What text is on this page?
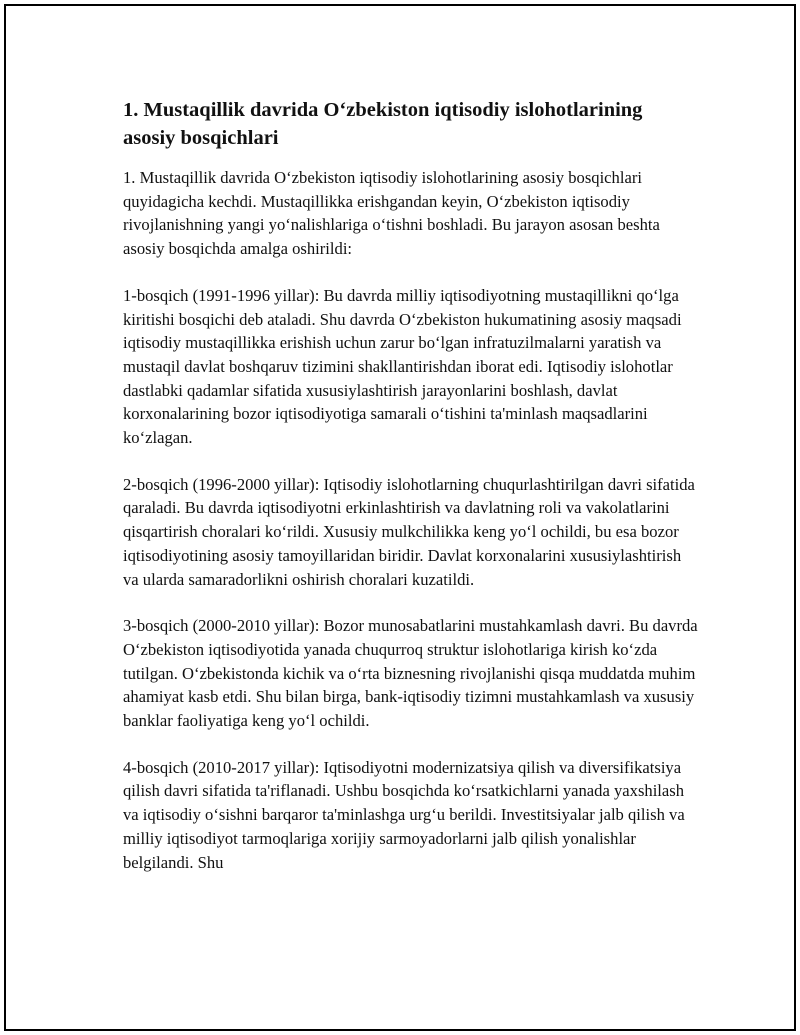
1. Mustaqillik davrida O‘zbekiston iqtisodiy islohotlarining asosiy bosqichlari

1. Mustaqillik davrida O‘zbekiston iqtisodiy islohotlarining asosiy bosqichlari quyidagicha kechdi. Mustaqillikka erishgandan keyin, O‘zbekiston iqtisodiy rivojlanishning yangi yo‘nalishlariga o‘tishni boshladi. Bu jarayon asosan beshta asosiy bosqichda amalga oshirildi:

1-bosqich (1991-1996 yillar): Bu davrda milliy iqtisodiyotning mustaqillikni qo‘lga kiritishi bosqichi deb ataladi. Shu davrda O‘zbekiston hukumatining asosiy maqsadi iqtisodiy mustaqillikka erishish uchun zarur bo‘lgan infratuzilmalarni yaratish va mustaqil davlat boshqaruv tizimini shakllantirishdan iborat edi. Iqtisodiy islohotlar dastlabki qadamlar sifatida xususiylashtirish jarayonlarini boshlash, davlat korxonalarining bozor iqtisodiyotiga samarali o‘tishini ta'minlash maqsadlarini ko‘zlagan.

2-bosqich (1996-2000 yillar): Iqtisodiy islohotlarning chuqurlashtirilgan davri sifatida qaraladi. Bu davrda iqtisodiyotni erkinlashtirish va davlatning roli va vakolatlarini qisqartirish choralari ko‘rildi. Xususiy mulkchilikka keng yo‘l ochildi, bu esa bozor iqtisodiyotining asosiy tamoyillaridan biridir. Davlat korxonalarini xususiylashtirish va ularda samaradorlikni oshirish choralari kuzatildi.

3-bosqich (2000-2010 yillar): Bozor munosabatlarini mustahkamlash davri. Bu davrda O‘zbekiston iqtisodiyotida yanada chuqurroq struktur islohotlariga kirish ko‘zda tutilgan. O‘zbekistonda kichik va o‘rta biznesning rivojlanishi qisqa muddatda muhim ahamiyat kasb etdi. Shu bilan birga, bank-iqtisodiy tizimni mustahkamlash va xususiy banklar faoliyatiga keng yo‘l ochildi.

4-bosqich (2010-2017 yillar): Iqtisodiyotni modernizatsiya qilish va diversifikatsiya qilish davri sifatida ta'riflanadi. Ushbu bosqichda ko‘rsatkichlarni yanada yaxshilash va iqtisodiy o‘sishni barqaror ta'minlashga urg‘u berildi. Investitsiyalar jalb qilish va milliy iqtisodiyot tarmoqlariga xorijiy sarmoyadorlarni jalb qilish yonalishlar belgilandi. Shu
